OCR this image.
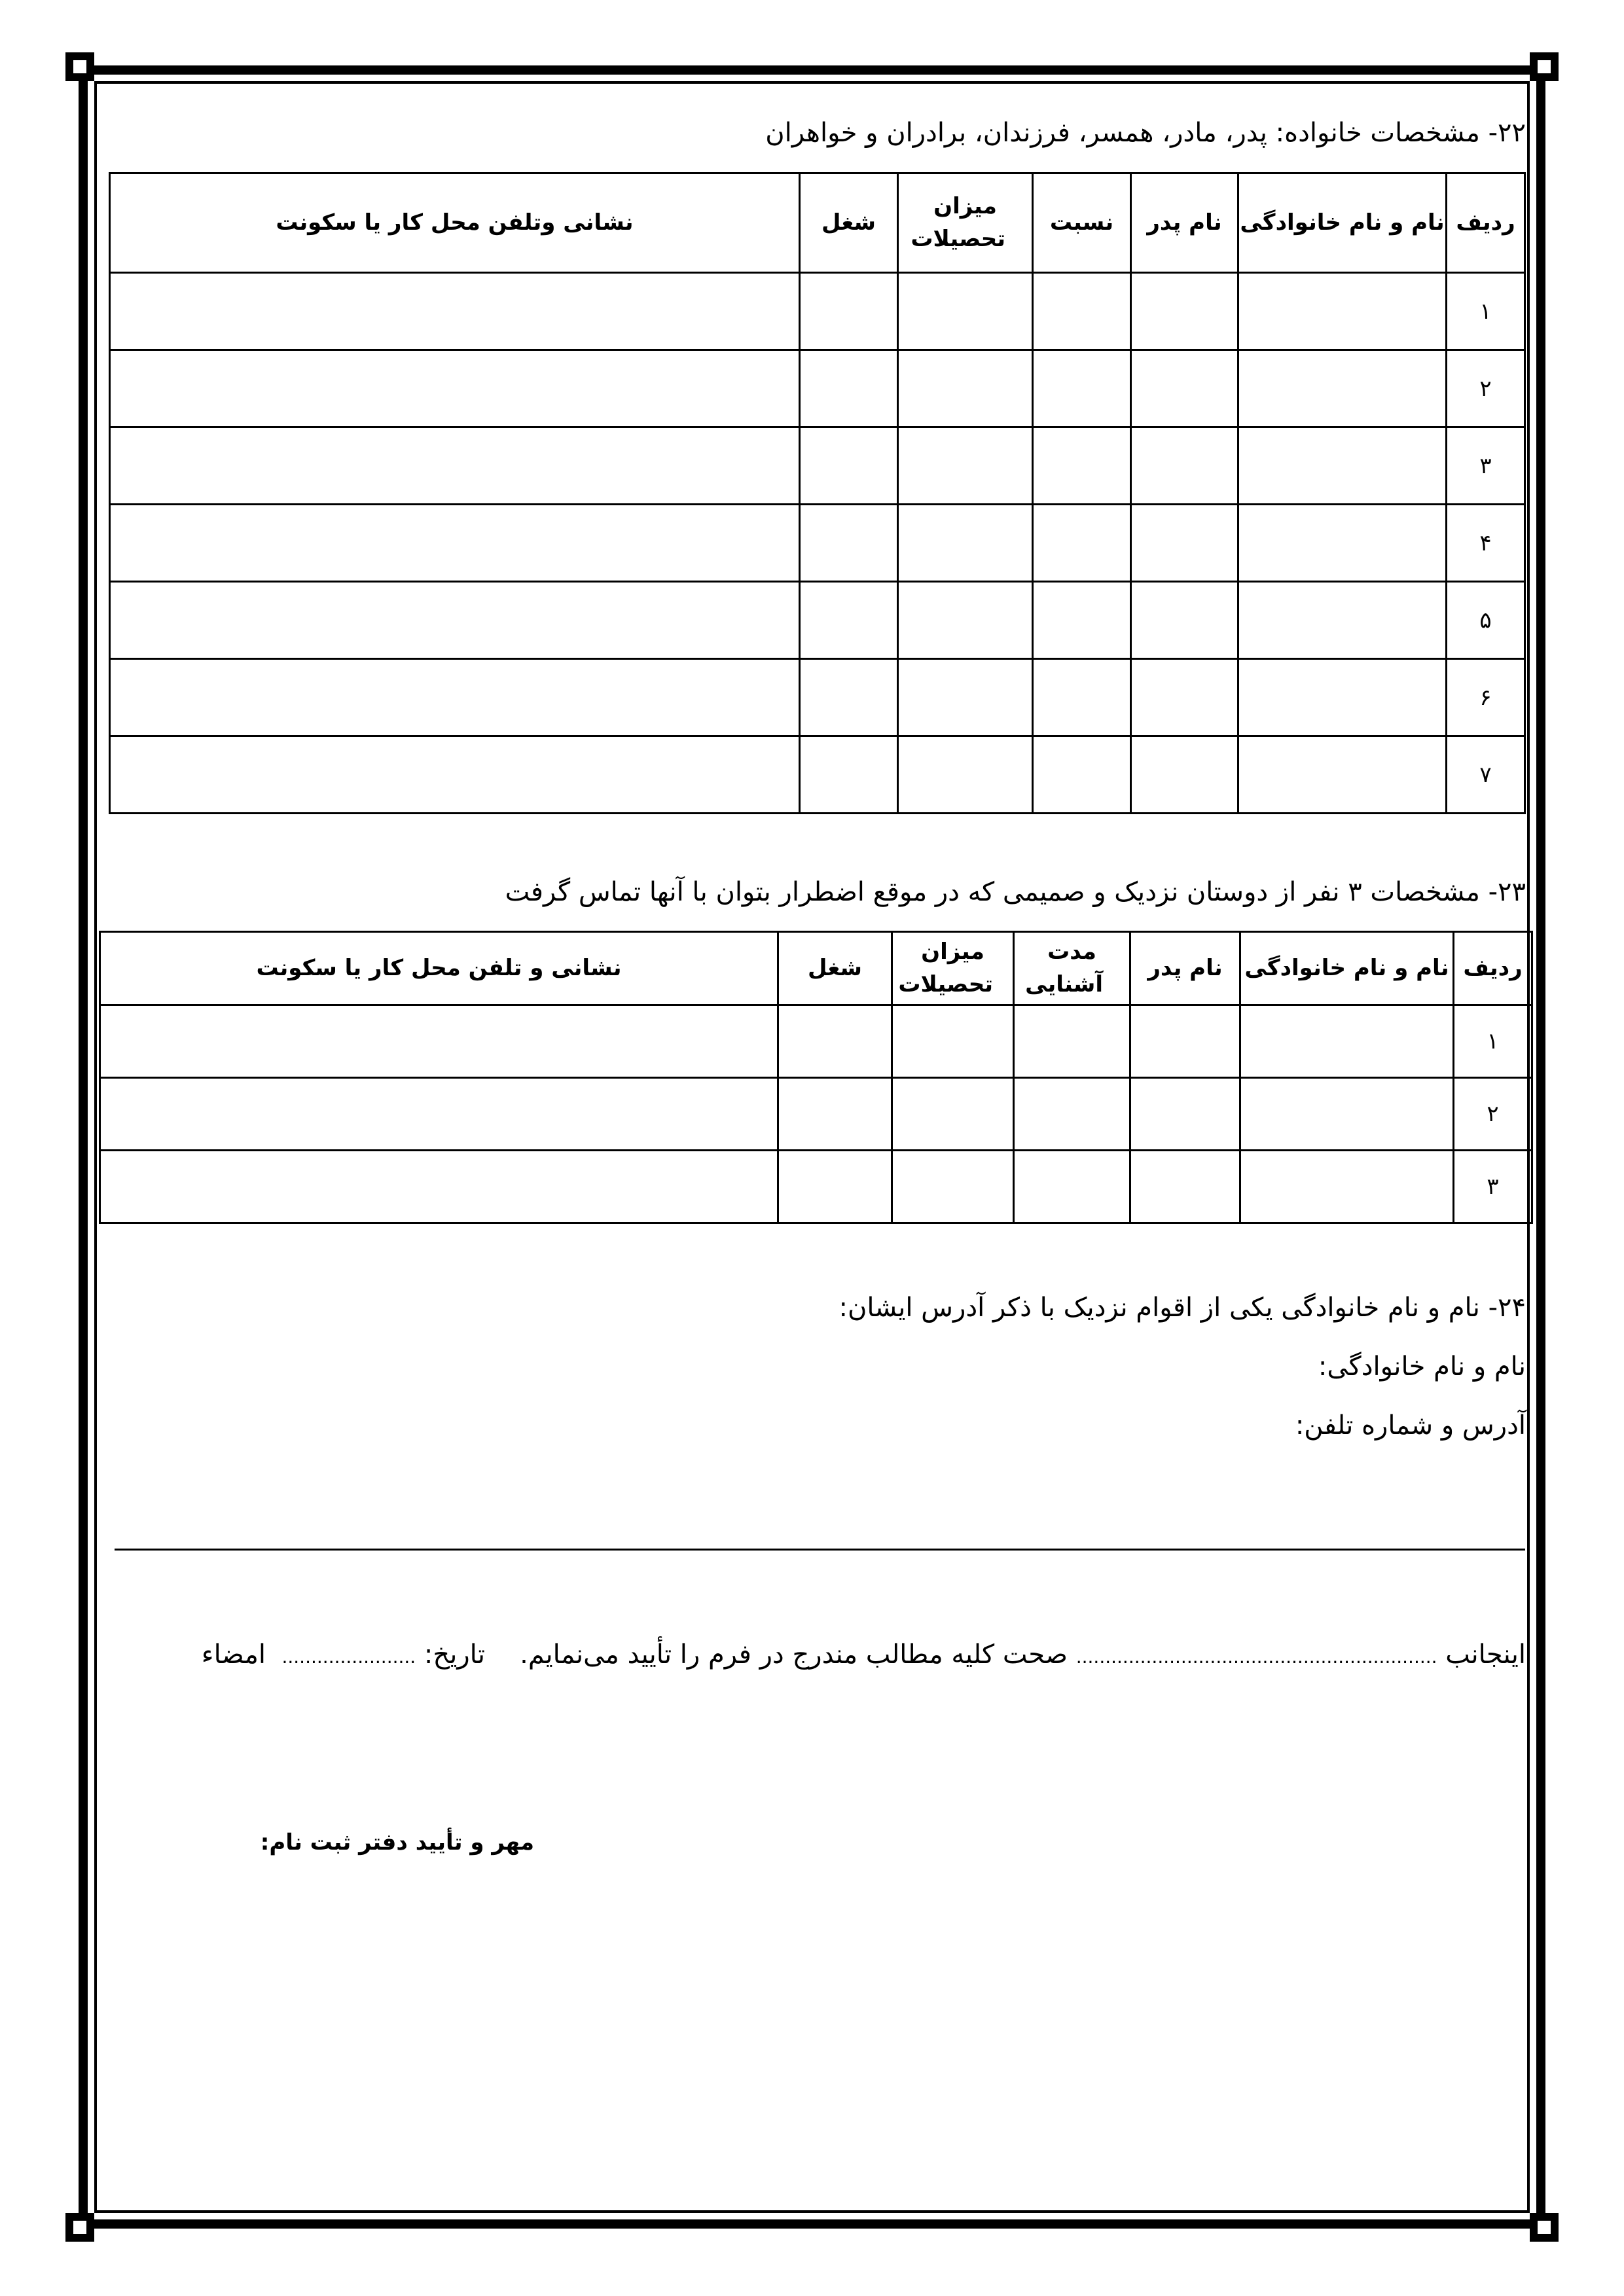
۲۲- مشخصات خانواده: پدر، مادر، همسر، فرزندان، برادران و خواهران
ردیف	نام و نام خانوادگی	نام پدر	نسبت	میزان تحصیلات	شغل	نشانی وتلفن محل کار یا سکونت
۱						
۲						
۳						
۴						
۵						
۶						
۷						
۲۳- مشخصات ۳ نفر از دوستان نزدیک و صمیمی که در موقع اضطرار بتوان با آنها تماس گرفت
ردیف	نام و نام خانوادگی	نام پدر	مدت آشنایی	میزان تحصیلات	شغل	نشانی و تلفن محل کار یا سکونت
۱						
۲						
۳						
۲۴- نام و نام خانوادگی یکی از اقوام نزدیک با ذکر آدرس ایشان:
نام و نام خانوادگی:
آدرس و شماره تلفن:
اینجانب .............................................................. صحت کلیه مطالب مندرج در فرم را تأیید می‌نمایم.
تاریخ: .......................
امضاء
مهر و تأیید دفتر ثبت نام:
